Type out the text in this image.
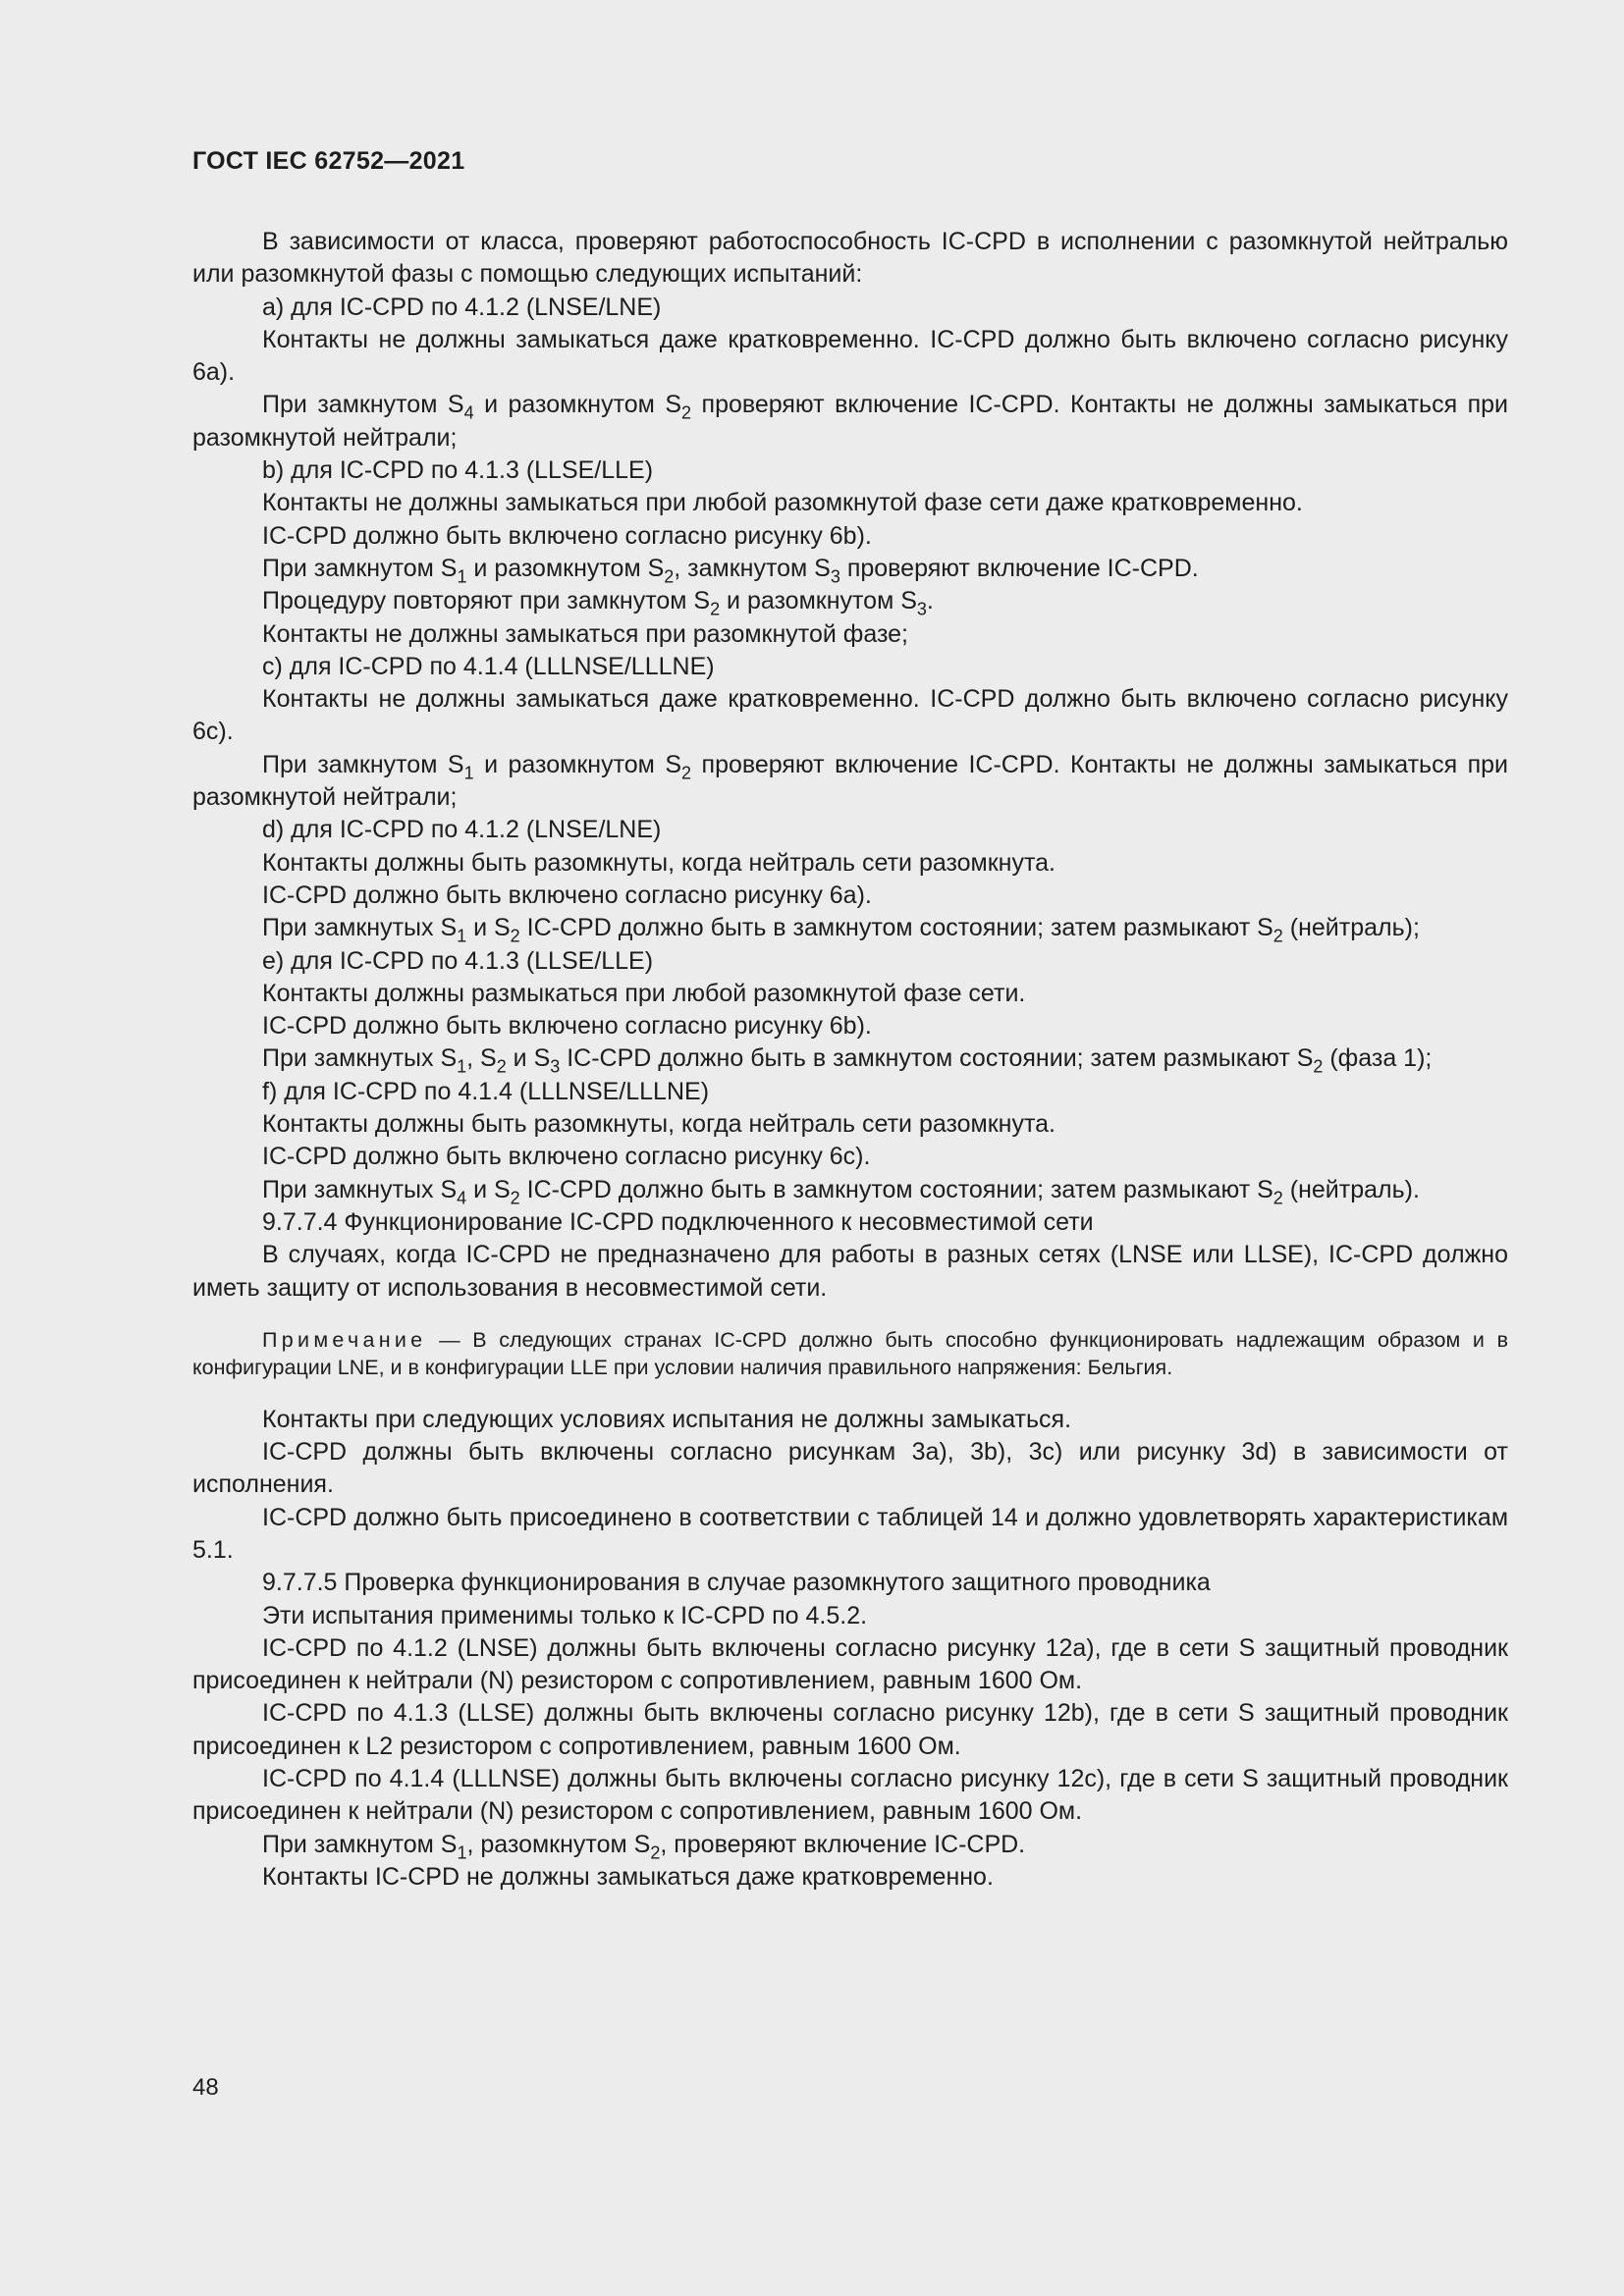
ГОСТ IEC 62752—2021

В зависимости от класса, проверяют работоспособность IC-CPD в исполнении с разомкнутой нейтралью или разомкнутой фазы с помощью следующих испытаний:

а) для IC-CPD по 4.1.2 (LNSE/LNE)

Контакты не должны замыкаться даже кратковременно. IC-CPD должно быть включено согласно рисунку 6а).

При замкнутом $S_4$ и разомкнутом $S_2$ проверяют включение IC-CPD. Контакты не должны замыкаться при разомкнутой нейтрали;

b) для IC-CPD по 4.1.3 (LLSE/LLE)

Контакты не должны замыкаться при любой разомкнутой фазе сети даже кратковременно.

IC-CPD должно быть включено согласно рисунку 6b).

При замкнутом $S_1$ и разомкнутом $S_2$, замкнутом $S_3$ проверяют включение IC-CPD.

Процедуру повторяют при замкнутом $S_2$ и разомкнутом $S_3$.

Контакты не должны замыкаться при разомкнутой фазе;

c) для IC-CPD по 4.1.4 (LLLNSE/LLLNE)

Контакты не должны замыкаться даже кратковременно. IC-CPD должно быть включено согласно рисунку 6c).

При замкнутом $S_1$ и разомкнутом $S_2$ проверяют включение IC-CPD. Контакты не должны замыкаться при разомкнутой нейтрали;

d) для IC-CPD по 4.1.2 (LNSE/LNE)

Контакты должны быть разомкнуты, когда нейтраль сети разомкнута.

IC-CPD должно быть включено согласно рисунку 6а).

При замкнутых $S_1$ и $S_2$ IC-CPD должно быть в замкнутом состоянии; затем размыкают $S_2$ (нейтраль);

e) для IC-CPD по 4.1.3 (LLSE/LLE)

Контакты должны размыкаться при любой разомкнутой фазе сети.

IC-CPD должно быть включено согласно рисунку 6b).

При замкнутых $S_1$, $S_2$ и $S_3$ IC-CPD должно быть в замкнутом состоянии; затем размыкают $S_2$ (фаза 1);

f) для IC-CPD по 4.1.4 (LLLNSE/LLLNE)

Контакты должны быть разомкнуты, когда нейтраль сети разомкнута.

IC-CPD должно быть включено согласно рисунку 6c).

При замкнутых $S_4$ и $S_2$ IC-CPD должно быть в замкнутом состоянии; затем размыкают $S_2$ (нейтраль).

9.7.7.4 Функционирование IC-CPD подключенного к несовместимой сети

В случаях, когда IC-CPD не предназначено для работы в разных сетях (LNSE или LLSE), IC-CPD должно иметь защиту от использования в несовместимой сети.

Примечание — В следующих странах IC-CPD должно быть способно функционировать надлежащим образом и в конфигурации LNE, и в конфигурации LLE при условии наличия правильного напряжения: Бельгия.

Контакты при следующих условиях испытания не должны замыкаться.

IC-CPD должны быть включены согласно рисункам 3а), 3b), 3c) или рисунку 3d) в зависимости от исполнения.

IC-CPD должно быть присоединено в соответствии с таблицей 14 и должно удовлетворять характеристикам 5.1.

9.7.7.5 Проверка функционирования в случае разомкнутого защитного проводника

Эти испытания применимы только к IC-CPD по 4.5.2.

IC-CPD по 4.1.2 (LNSE) должны быть включены согласно рисунку 12а), где в сети S защитный проводник присоединен к нейтрали (N) резистором с сопротивлением, равным 1600 Ом.

IC-CPD по 4.1.3 (LLSE) должны быть включены согласно рисунку 12b), где в сети S защитный проводник присоединен к L2 резистором с сопротивлением, равным 1600 Ом.

IC-CPD по 4.1.4 (LLLNSE) должны быть включены согласно рисунку 12c), где в сети S защитный проводник присоединен к нейтрали (N) резистором с сопротивлением, равным 1600 Ом.

При замкнутом $S_1$, разомкнутом $S_2$, проверяют включение IC-CPD.

Контакты IC-CPD не должны замыкаться даже кратковременно.

48
